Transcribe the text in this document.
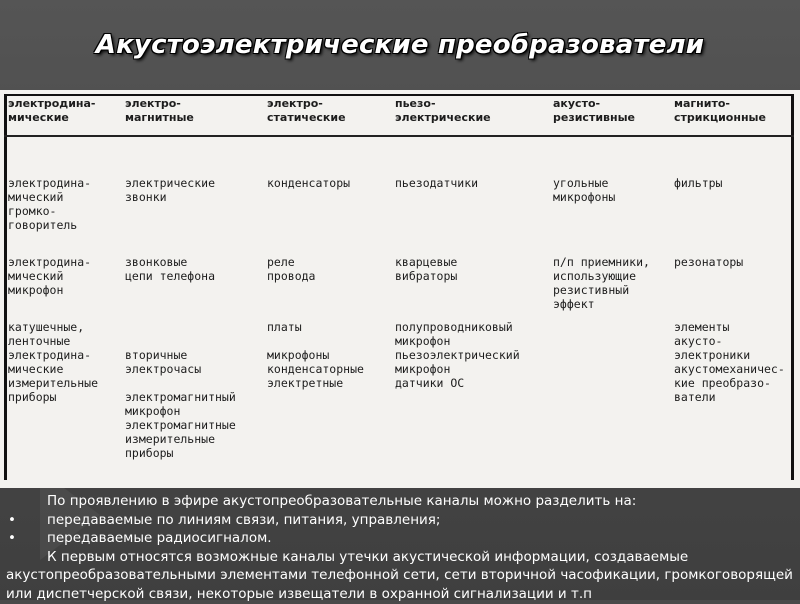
Акустоэлектрические преобразователи
электродина-
мические
электро-
магнитные
электро-
статические
пьезо-
электрические
акусто-
резистивные
магнито-
стрикционные
электродина-
мический
громко-
говоритель
электрические
звонки
конденсаторы	пьезодатчики	угольные
микрофоны
фильтры
электродина-
мический
микрофон
звонковые
цепи телефона
реле
провода
кварцевые
вибраторы
п/п приемники,
использующие
резистивный
эффект
резонаторы
катушечные,
ленточные
электродина-
мические
измерительные
приборы

вторичные
электрочасы

электромагнитный
микрофон
электромагнитные
измерительные
приборы
платы

микрофоны
конденсаторные
электретные
полупроводниковый
микрофон
пьезоэлектрический
микрофон
датчики ОС
элементы
акусто-
электроники
акустомеханичес-
кие преобразо-
ватели
По проявлению в эфире акустопреобразовательные каналы можно разделить на:
• передаваемые по линиям связи, питания, управления;
• передаваемые радиосигналом.
К первым относятся возможные каналы утечки акустической информации, создаваемые
акустопреобразовательными элементами телефонной сети, сети вторичной часофикации, громкоговорящей
или диспетчерской связи, некоторые извещатели в охранной сигнализации и т.п
